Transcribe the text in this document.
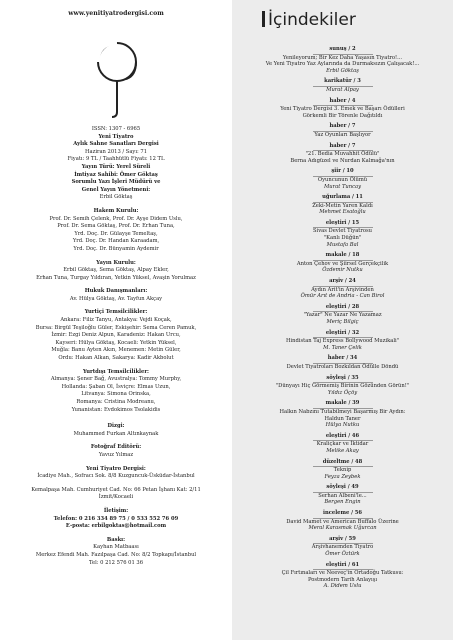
www.yenitiyatrodergisi.com
ISSN: 1307 - 6965
Yeni Tiyatro
Aylık Sahne Sanatları Dergisi
Haziran 2013 / Sayı: 71
Fiyatı: 9 TL / Taahhütlü Fiyatı: 12 TL
Yayın Türü: Yerel Süreli
İmtiyaz Sahibi: Ömer Göktaş
Sorumlu Yazı İşleri Müdürü ve
Genel Yayın Yönetmeni:
Erbil Göktaş
Hakem Kurulu:
Prof. Dr. Semih Çelenk, Prof. Dr. Ayşe Didem Uslu,
Prof. Dr. Sema Göktaş, Prof. Dr. Erhan Tuna,
Yrd. Doç. Dr. Gülayşe Temeltaş,
Yrd. Doç. Dr. Handan Karaadam,
Yrd. Doç. Dr. Bünyamin Aydemir
Yayın Kurulu:
Erbil Göktaş, Sema Göktaş, Alpay Ekler,
Erhan Tuna, Turgay Yıldıran, Yetkin Yüksel, Avaşin Yorulmaz
Hukuk Danışmanları:
Av. Hülya Göktaş, Av. Tayfun Akçay
Yurtiçi Temsilcilikler:
Ankara: Filiz Tanyu, Antakya: Vejdi Koçak,
Bursa: Birgül Teşiloğlu Güler, Eskişehir: Sema Ceren Pamuk,
İzmir: Ezgi Deniz Alpun, Karadeniz: Hakan Urcu,
Kayseri: Hülya Göktaş, Kocaeli: Yetkin Yüksel,
Muğla: Banu Ayten Akın, Menemen: Metin Güler,
Ordu: Hakan Alkan, Sakarya: Kadir Akbolut
Yurtdışı Temsilcilikler:
Almanya: Şener Bağ, Avustralya: Tommy Murphy,
Hollanda: Şaban Ol, İsviçre: Elmas Uzun,
Litvanya: Simona Orinska,
Romanya: Cristina Modreanu,
Yunanistan: Evdokimos Tsolakidis
Dizgi:
Muhammed Furkan Altınkaynak
Fotoğraf Editörü:
Yavuz Yılmaz
Yeni Tiyatro Dergisi:
İcadiye Mah., Sofracı Sok. 8/8 Kuzguncuk-Üsküdar-İstanbul
Kemalpaşa Mah. Cumhuriyet Cad. No: 66 Petan İşhanı Kat: 2/11
İzmit/Kocaeli
İletişim:
Telefon: 0 216 334 89 75 / 0 533 552 76 09
E-posta: erbilgoktas@hotmail.com
Baskı:
Kayhan Matbaası
Merkez Efendi Mah. Fazılpaşa Cad. No: 8/2 Topkapı/İstanbul
Tel: 0 212 576 01 36
İçindekiler
sunuş / 2
Yenileyorum; Bir Kez Daha Yaşasın Tiyatro!...
Ve Yeni Tiyatro Yaz Aylarında da Durmaksızın Çalışacak!...
Erbil Göktaş
karikatür / 3
Murat Alpay
haber / 4
Yeni Tiyatro Dergisi 3. Emek ve Başarı Ödülleri
Görkemli Bir Törenle Dağıtıldı
haber / 7
Yaz Oyunları Başlıyor
haber / 7
"21. Bedia Muvahhit Ödülü"
Berna Adıgüzel ve Nurdan Kalmağa'nın
şiir / 10
Oyuncunun Ölümü
Murat Tuncay
uğurlama / 11
Zeki-Metin Yaren Kaldı
Mehmet Esatoğlu
eleştiri / 15
Sivas Devlet Tiyatrosu
"Kanlı Düğün"
Mustafa Bal
makale / 18
Anton Çehov ve Şiirsel Gerçekçilik
Özdemir Nutku
arşiv / 24
Aydın Arit'in Arşivinden
Ömür Arıt de Andria - Can Birol
eleştiri / 28
"Yazar" Ne Yazar Ne Yazamaz
Meriç Bilgiç
eleştiri / 32
Hindistan Taj Express Bollywood Muzikali"
M. Taner Çelik
haber / 34
Devlet Tiyatroları Bozkıldan Ödülle Döndü
söyleşi / 35
"Dünyayı Hiç Görmemiş Birinin Gözünden Görün!"
Yıldız Öçöy
makale / 39
Halkın Nabzını Tutabilmeyi Başarmış Bir Aydın:
Haldun Taner
Hülya Nutku
eleştiri / 46
Kraliçkar ve İktidar
Melike Akay
düzeltme / 48
Teknip
Feyza Zeybek
söyleşi / 49
Serhan Albeni'le...
Bergen Engin
inceleme / 56
David Mamet ve American Buffalo Üzerine
Meral Karasmak Uğurcan
arşiv / 59
Arşivhanemden Tiyatro
Ömer Öztürk
eleştiri / 61
Çil Fırtınaları ve Neeveç'in Ortadoğu Tatkusu:
Postmodern Tarih Anlayışı
A. Didem Uslu
